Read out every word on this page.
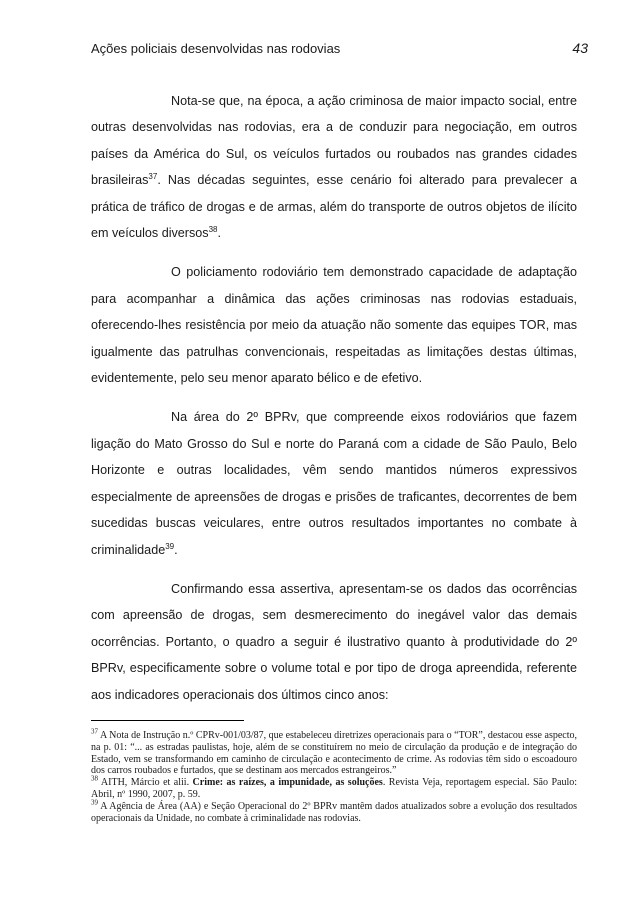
Ações policiais desenvolvidas nas rodovias	43

Nota-se que, na época, a ação criminosa de maior impacto social, entre outras desenvolvidas nas rodovias, era a de conduzir para negociação, em outros países da América do Sul, os veículos furtados ou roubados nas grandes cidades brasileiras$^{37}$. Nas décadas seguintes, esse cenário foi alterado para prevalecer a prática de tráfico de drogas e de armas, além do transporte de outros objetos de ilícito em veículos diversos$^{38}$.

O policiamento rodoviário tem demonstrado capacidade de adaptação para acompanhar a dinâmica das ações criminosas nas rodovias estaduais, oferecendo-lhes resistência por meio da atuação não somente das equipes TOR, mas igualmente das patrulhas convencionais, respeitadas as limitações destas últimas, evidentemente, pelo seu menor aparato bélico e de efetivo.

Na área do 2º BPRv, que compreende eixos rodoviários que fazem ligação do Mato Grosso do Sul e norte do Paraná com a cidade de São Paulo, Belo Horizonte e outras localidades, vêm sendo mantidos números expressivos especialmente de apreensões de drogas e prisões de traficantes, decorrentes de bem sucedidas buscas veiculares, entre outros resultados importantes no combate à criminalidade$^{39}$.

Confirmando essa assertiva, apresentam-se os dados das ocorrências com apreensão de drogas, sem desmerecimento do inegável valor das demais ocorrências. Portanto, o quadro a seguir é ilustrativo quanto à produtividade do 2º BPRv, especificamente sobre o volume total e por tipo de droga apreendida, referente aos indicadores operacionais dos últimos cinco anos:

$^{37}$ A Nota de Instrução n.º CPRv-001/03/87, que estabeleceu diretrizes operacionais para o “TOR”, destacou esse aspecto, na p. 01: “... as estradas paulistas, hoje, além de se constituírem no meio de circulação da produção e de integração do Estado, vem se transformando em caminho de circulação e acontecimento de crime. As rodovias têm sido o escoadouro dos carros roubados e furtados, que se destinam aos mercados estrangeiros.”

$^{38}$ AITH, Márcio et alii. Crime: as raízes, a impunidade, as soluções. Revista Veja, reportagem especial. São Paulo: Abril, nº 1990, 2007, p. 59.

$^{39}$ A Agência de Área (AA) e Seção Operacional do 2º BPRv mantêm dados atualizados sobre a evolução dos resultados operacionais da Unidade, no combate à criminalidade nas rodovias.
